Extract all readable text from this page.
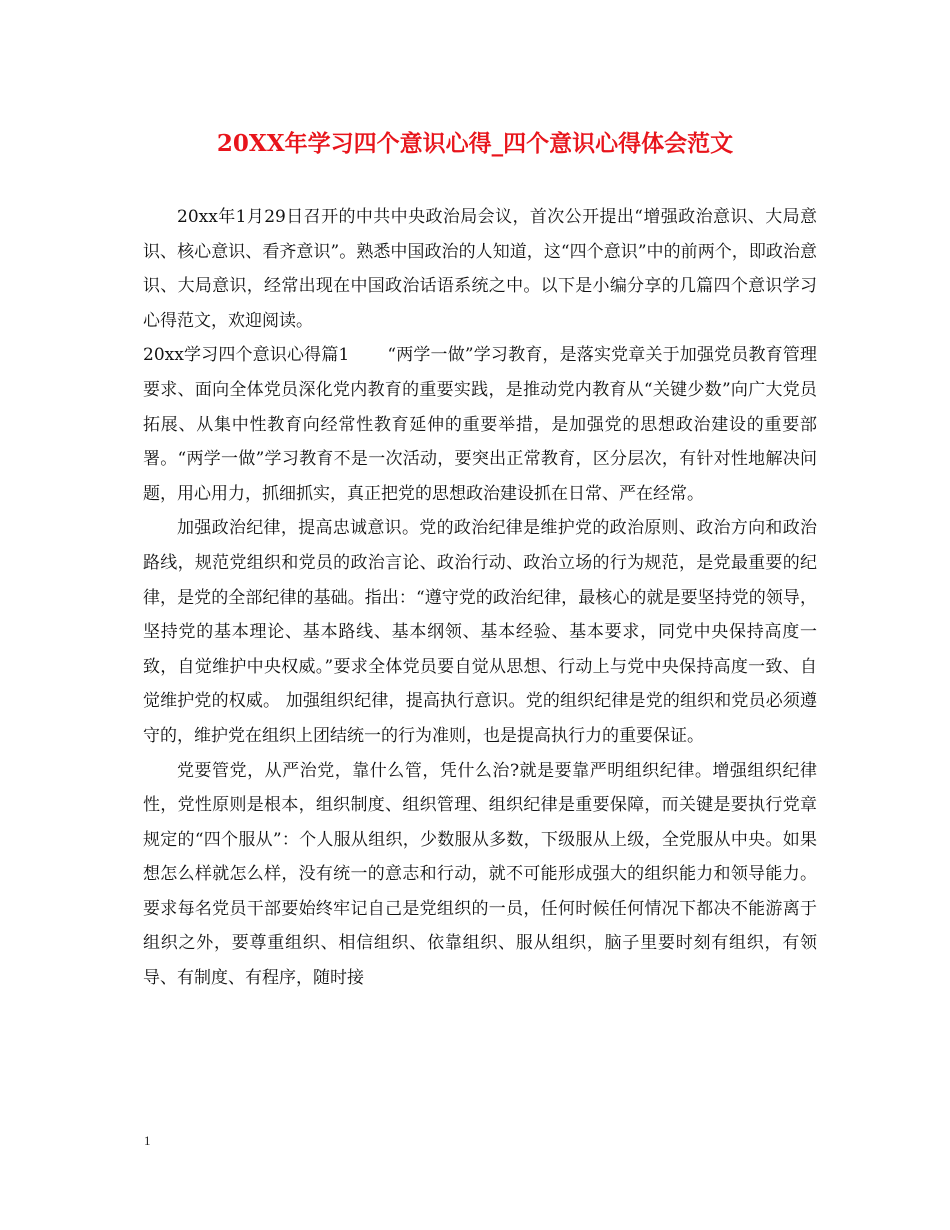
20XX年学习四个意识心得_四个意识心得体会范文

20xx年1月29日召开的中共中央政治局会议，首次公开提出“增强政治意识、大局意识、核心意识、看齐意识”。熟悉中国政治的人知道，这“四个意识”中的前两个，即政治意识、大局意识，经常出现在中国政治话语系统之中。以下是小编分享的几篇四个意识学习心得范文，欢迎阅读。

20xx学习四个意识心得篇1 “两学一做”学习教育，是落实党章关于加强党员教育管理要求、面向全体党员深化党内教育的重要实践，是推动党内教育从“关键少数”向广大党员拓展、从集中性教育向经常性教育延伸的重要举措，是加强党的思想政治建设的重要部署。“两学一做”学习教育不是一次活动，要突出正常教育，区分层次，有针对性地解决问题，用心用力，抓细抓实，真正把党的思想政治建设抓在日常、严在经常。

加强政治纪律，提高忠诚意识。党的政治纪律是维护党的政治原则、政治方向和政治路线，规范党组织和党员的政治言论、政治行动、政治立场的行为规范，是党最重要的纪律，是党的全部纪律的基础。指出：“遵守党的政治纪律，最核心的就是要坚持党的领导，坚持党的基本理论、基本路线、基本纲领、基本经验、基本要求，同党中央保持高度一致，自觉维护中央权威。”要求全体党员要自觉从思想、行动上与党中央保持高度一致、自觉维护党的权威。 加强组织纪律，提高执行意识。党的组织纪律是党的组织和党员必须遵守的，维护党在组织上团结统一的行为准则，也是提高执行力的重要保证。

党要管党，从严治党，靠什么管，凭什么治?就是要靠严明组织纪律。增强组织纪律性，党性原则是根本，组织制度、组织管理、组织纪律是重要保障，而关键是要执行党章规定的“四个服从”：个人服从组织，少数服从多数，下级服从上级，全党服从中央。如果想怎么样就怎么样，没有统一的意志和行动，就不可能形成强大的组织能力和领导能力。要求每名党员干部要始终牢记自己是党组织的一员，任何时候任何情况下都决不能游离于组织之外，要尊重组织、相信组织、依靠组织、服从组织，脑子里要时刻有组织，有领导、有制度、有程序，随时接

1
